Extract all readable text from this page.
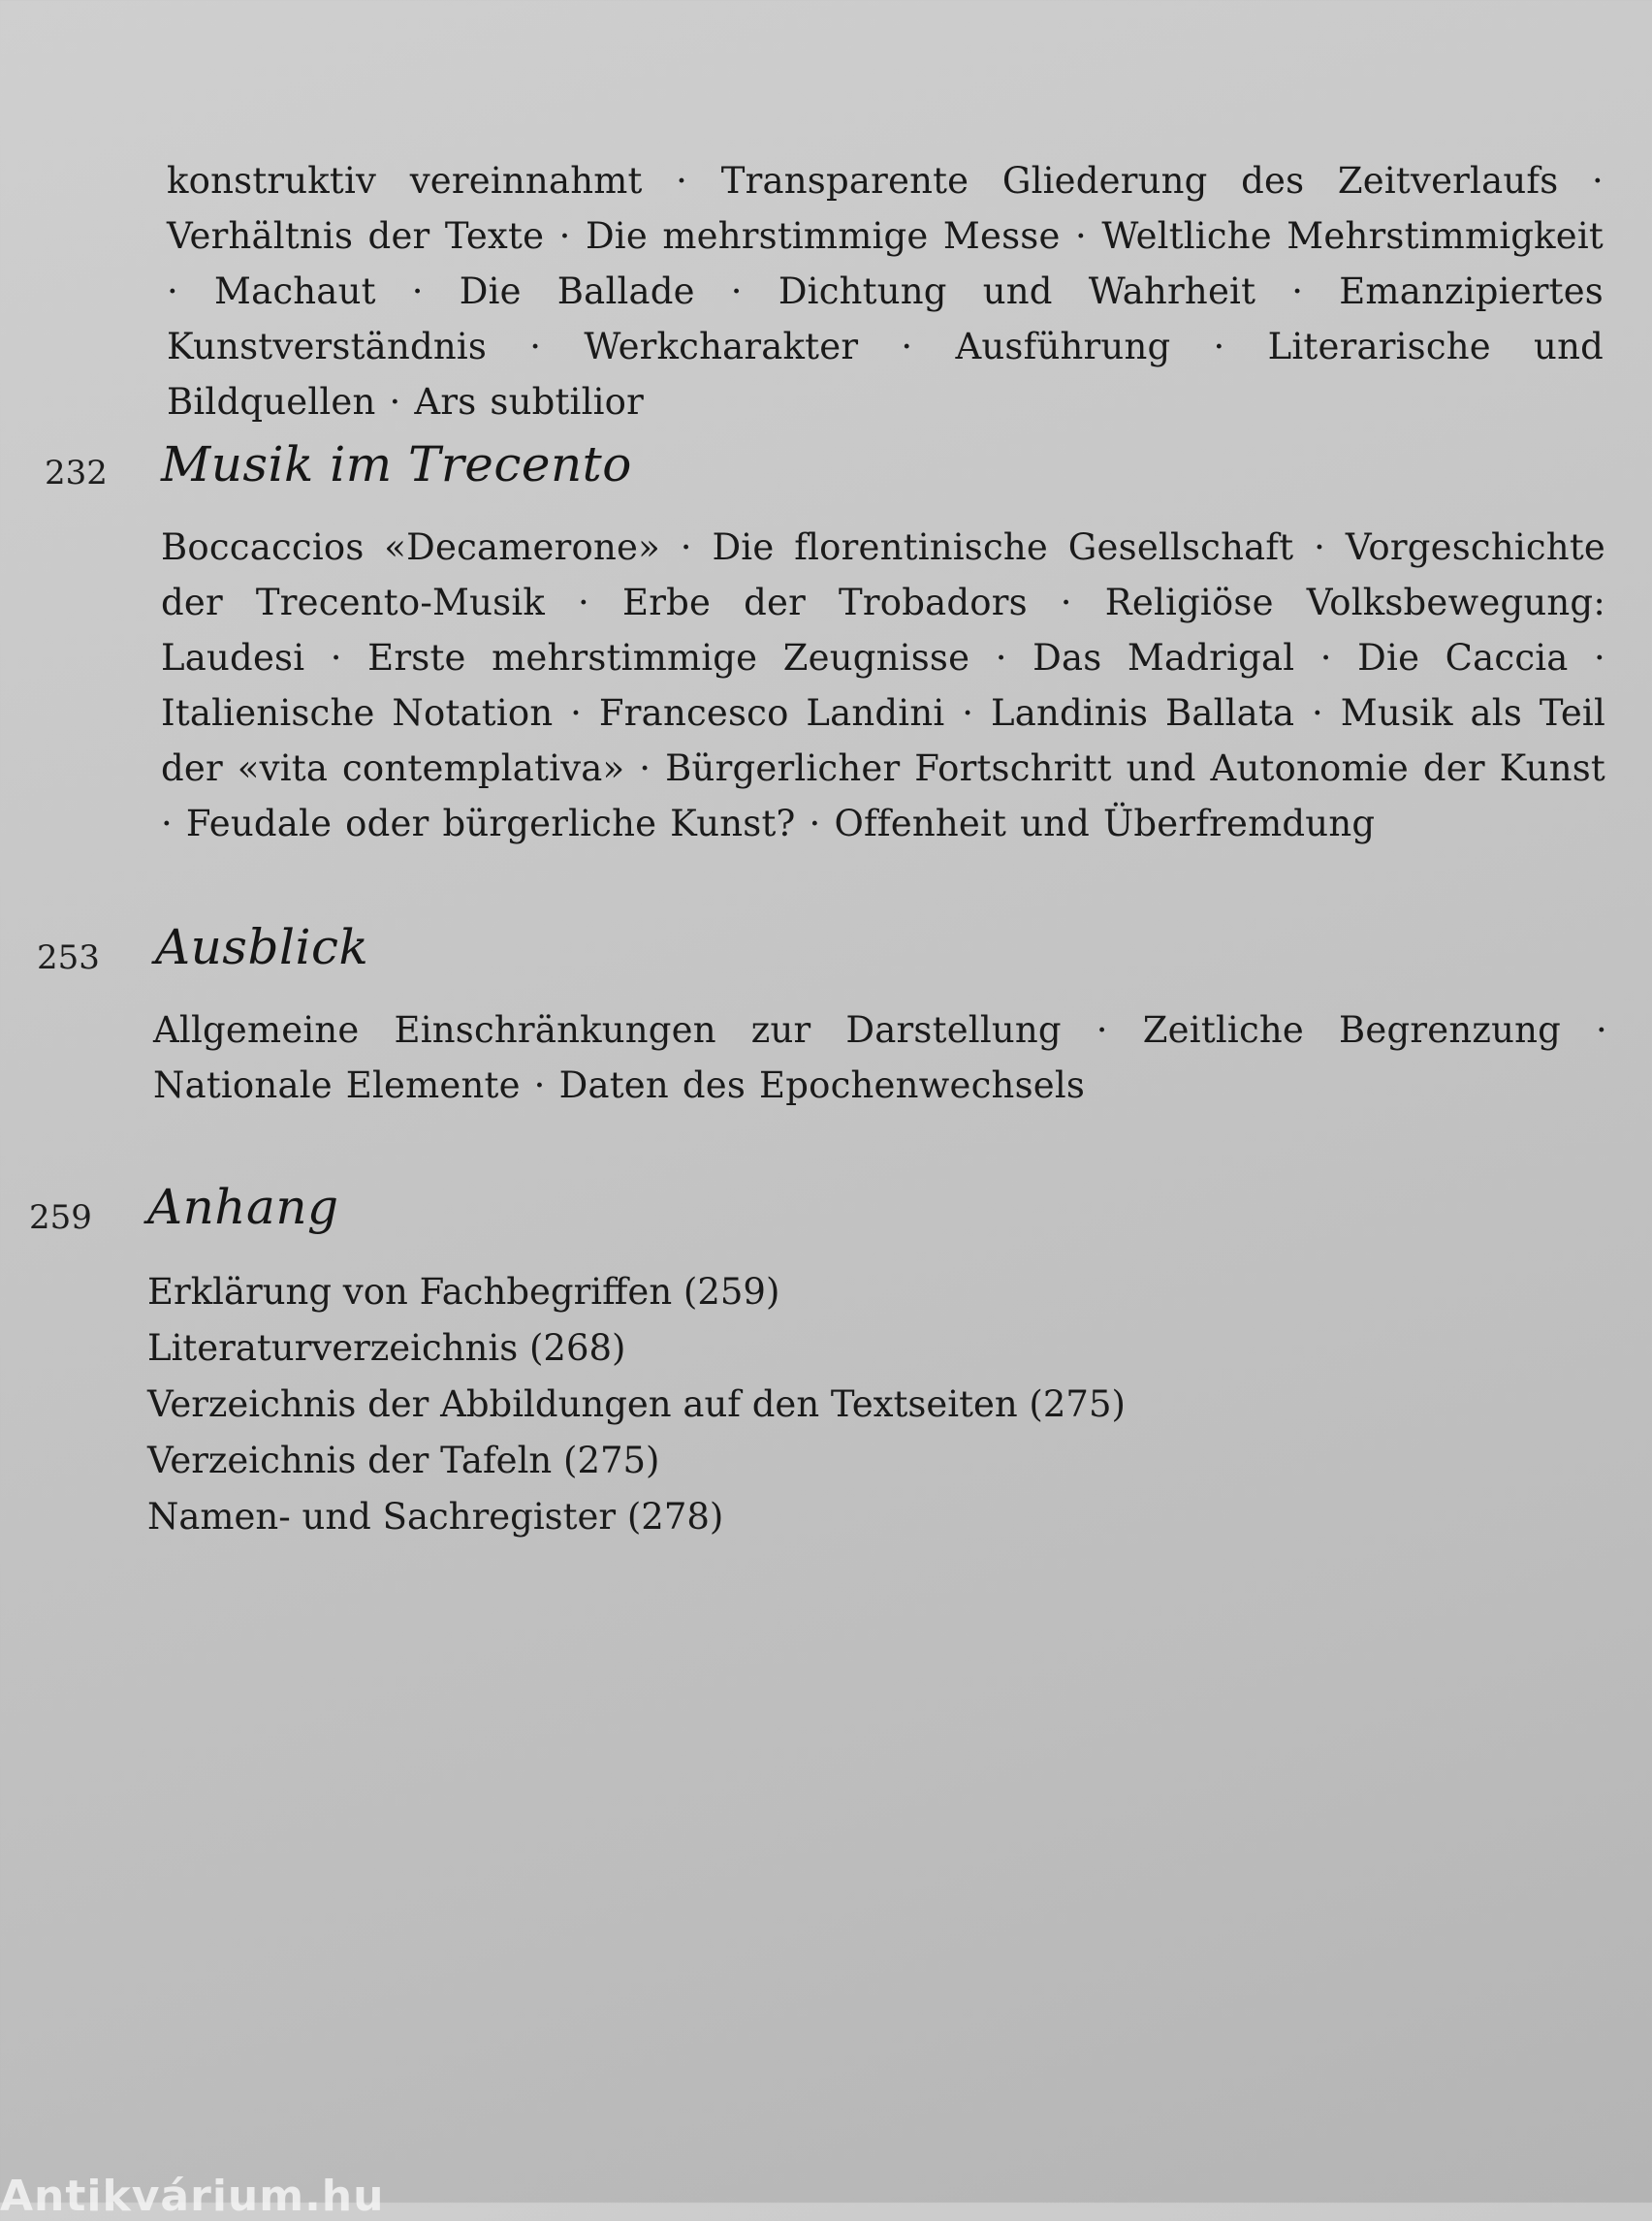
konstruktiv vereinnahmt · Transparente Gliederung des Zeitverlaufs · Verhältnis der Texte · Die mehrstimmige Messe · Weltliche Mehrstimmigkeit · Machaut · Die Ballade · Dichtung und Wahrheit · Emanzipiertes Kunstverständnis · Werkcharakter · Ausführung · Literarische und Bildquellen · Ars subtilior

232 Musik im Trecento

Boccaccios «Decamerone» · Die florentinische Gesellschaft · Vorgeschichte der Trecento-Musik · Erbe der Trobadors · Religiöse Volksbewegung: Laudesi · Erste mehrstimmige Zeugnisse · Das Madrigal · Die Caccia · Italienische Notation · Francesco Landini · Landinis Ballata · Musik als Teil der «vita contemplativa» · Bürgerlicher Fortschritt und Autonomie der Kunst · Feudale oder bürgerliche Kunst? · Offenheit und Überfremdung

253 Ausblick

Allgemeine Einschränkungen zur Darstellung · Zeitliche Begrenzung · Nationale Elemente · Daten des Epochenwechsels

259 Anhang
Erklärung von Fachbegriffen (259)
Literaturverzeichnis (268)
Verzeichnis der Abbildungen auf den Textseiten (275)
Verzeichnis der Tafeln (275)
Namen- und Sachregister (278)
Antikvárium.hu
